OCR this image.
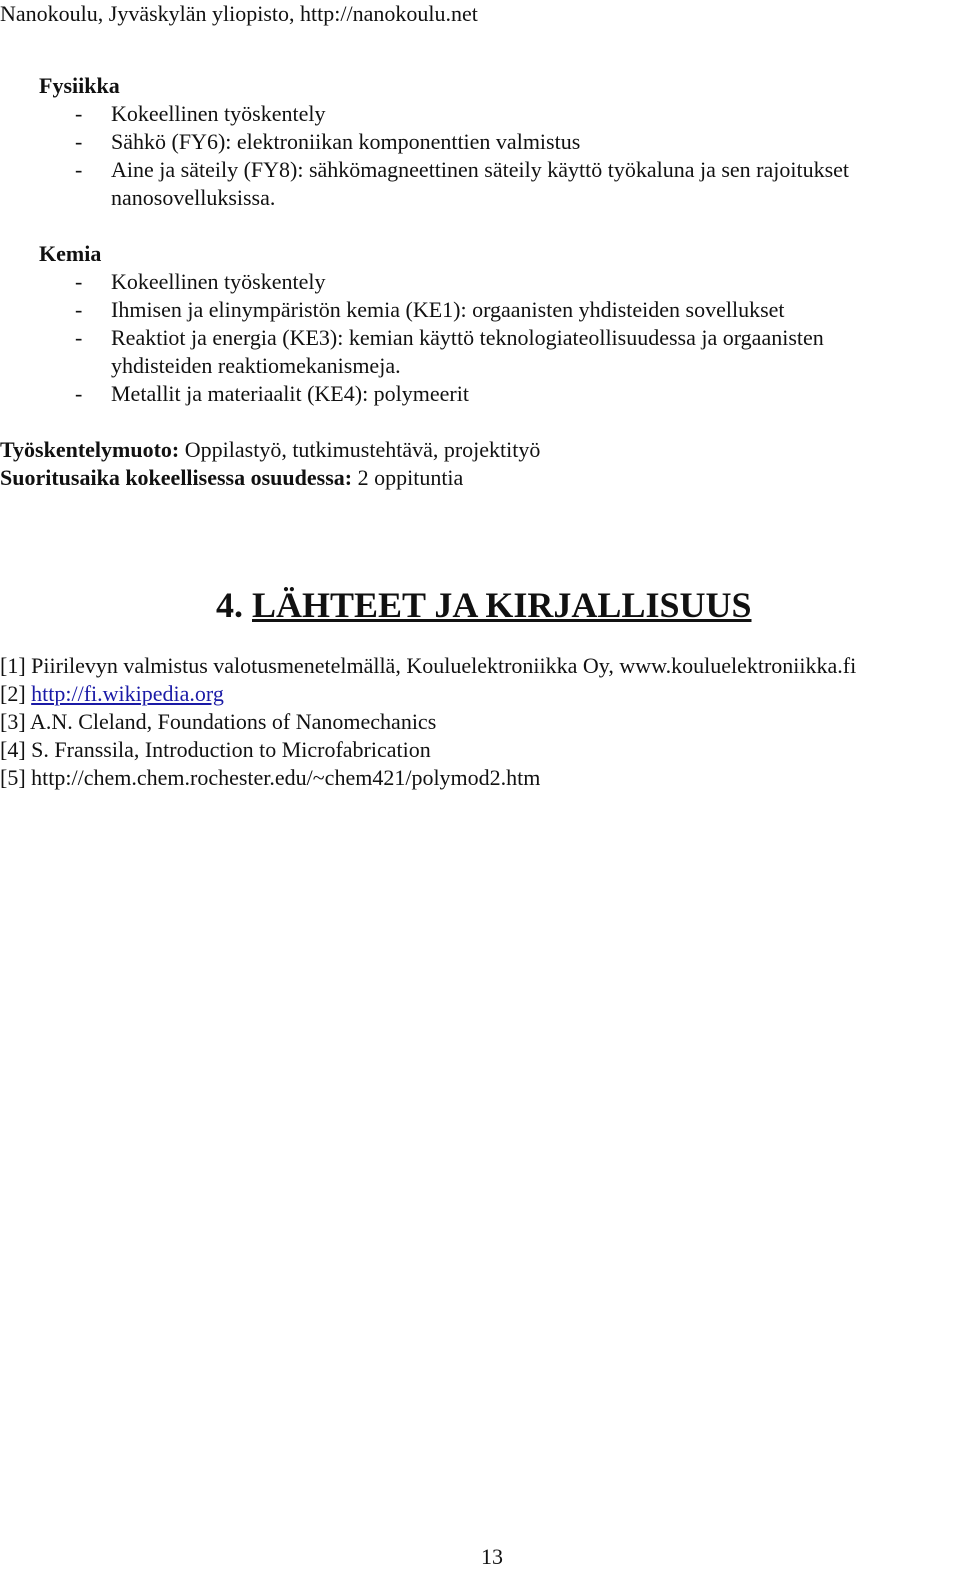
Nanokoulu, Jyväskylän yliopisto, http://nanokoulu.net
Fysiikka
- Kokeellinen työskentely
- Sähkö (FY6): elektroniikan komponenttien valmistus
- Aine ja säteily (FY8): sähkömagneettinen säteily käyttö työkaluna ja sen rajoitukset
nanosovelluksissa.
Kemia
- Kokeellinen työskentely
- Ihmisen ja elinympäristön kemia (KE1): orgaanisten yhdisteiden sovellukset
- Reaktiot ja energia (KE3): kemian käyttö teknologiateollisuudessa ja orgaanisten
yhdisteiden reaktiomekanismeja.
- Metallit ja materiaalit (KE4): polymeerit
Työskentelymuoto: Oppilastyö, tutkimustehtävä, projektityö
Suoritusaika kokeellisessa osuudessa: 2 oppituntia
4. LÄHTEET JA KIRJALLISUUS
[1] Piirilevyn valmistus valotusmenetelmällä, Kouluelektroniikka Oy, www.kouluelektroniikka.fi
[2] http://fi.wikipedia.org
[3] A.N. Cleland, Foundations of Nanomechanics
[4] S. Franssila, Introduction to Microfabrication
[5] http://chem.chem.rochester.edu/~chem421/polymod2.htm
13
